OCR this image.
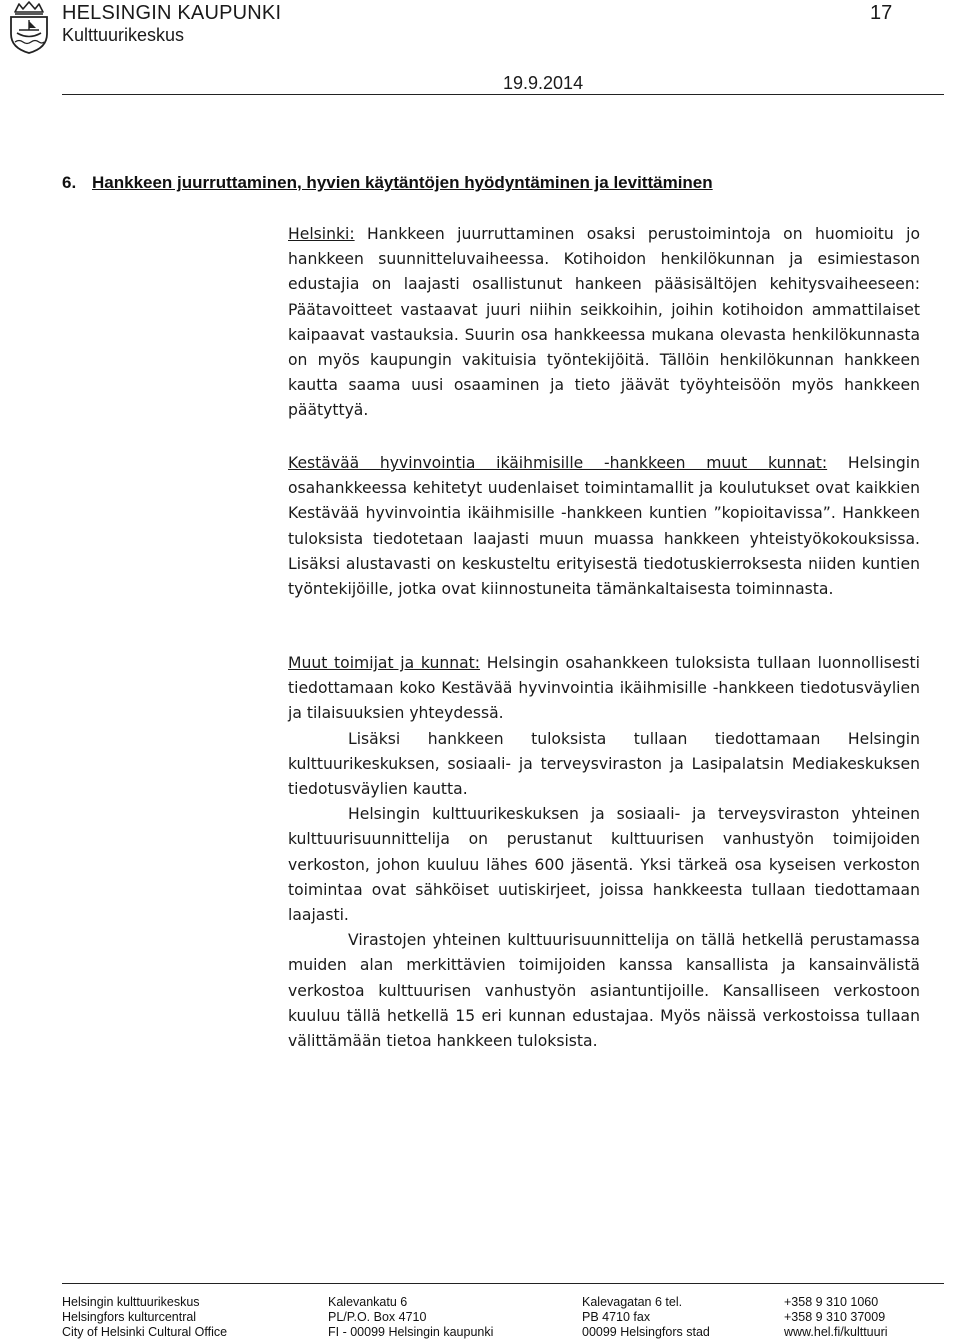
HELSINGIN KAUPUNKI
Kulttuurikeskus
17
19.9.2014
6. Hankkeen juurruttaminen, hyvien käytäntöjen hyödyntäminen ja levittäminen

Helsinki: Hankkeen juurruttaminen osaksi perustoimintoja on huomioitu jo hankkeen suunnitteluvaiheessa. Kotihoidon henkilökunnan ja esimiestason edustajia on laajasti osallistunut hankeen pääsisältöjen kehitysvaiheeseen: Päätavoitteet vastaavat juuri niihin seikkoihin, joihin kotihoidon ammattilaiset kaipaavat vastauksia. Suurin osa hankkeessa mukana olevasta henkilökunnasta on myös kaupungin vakituisia työntekijöitä. Tällöin henkilökunnan hankkeen kautta saama uusi osaaminen ja tieto jäävät työyhteisöön myös hankkeen päätyttyä.

Kestävää hyvinvointia ikäihmisille -hankkeen muut kunnat: Helsingin osahankkeessa kehitetyt uudenlaiset toimintamallit ja koulutukset ovat kaikkien Kestävää hyvinvointia ikäihmisille -hankkeen kuntien ”kopioitavissa”. Hankkeen tuloksista tiedotetaan laajasti muun muassa hankkeen yhteistyökokouksissa. Lisäksi alustavasti on keskusteltu erityisestä tiedotuskierroksesta niiden kuntien työntekijöille, jotka ovat kiinnostuneita tämänkaltaisesta toiminnasta.

Muut toimijat ja kunnat: Helsingin osahankkeen tuloksista tullaan luonnollisesti tiedottamaan koko Kestävää hyvinvointia ikäihmisille -hankkeen tiedotusväylien ja tilaisuuksien yhteydessä.

Lisäksi hankkeen tuloksista tullaan tiedottamaan Helsingin kulttuurikeskuksen, sosiaali- ja terveysviraston ja Lasipalatsin Mediakeskuksen tiedotusväylien kautta.

Helsingin kulttuurikeskuksen ja sosiaali- ja terveysviraston yhteinen kulttuurisuunnittelija on perustanut kulttuurisen vanhustyön toimijoiden verkoston, johon kuuluu lähes 600 jäsentä. Yksi tärkeä osa kyseisen verkoston toimintaa ovat sähköiset uutiskirjeet, joissa hankkeesta tullaan tiedottamaan laajasti.

Virastojen yhteinen kulttuurisuunnittelija on tällä hetkellä perustamassa muiden alan merkittävien toimijoiden kanssa kansallista ja kansainvälistä verkostoa kulttuurisen vanhustyön asiantuntijoille. Kansalliseen verkostoon kuuluu tällä hetkellä 15 eri kunnan edustajaa. Myös näissä verkostoissa tullaan välittämään tietoa hankkeen tuloksista.

Helsingin kulttuurikeskus
Helsingfors kulturcentral
City of Helsinki Cultural Office
Kalevankatu 6
PL/P.O. Box 4710
FI - 00099 Helsingin kaupunki
Kalevagatan 6 tel.
PB 4710 fax
00099 Helsingfors stad
+358 9 310 1060
+358 9 310 37009
www.hel.fi/kulttuuri
